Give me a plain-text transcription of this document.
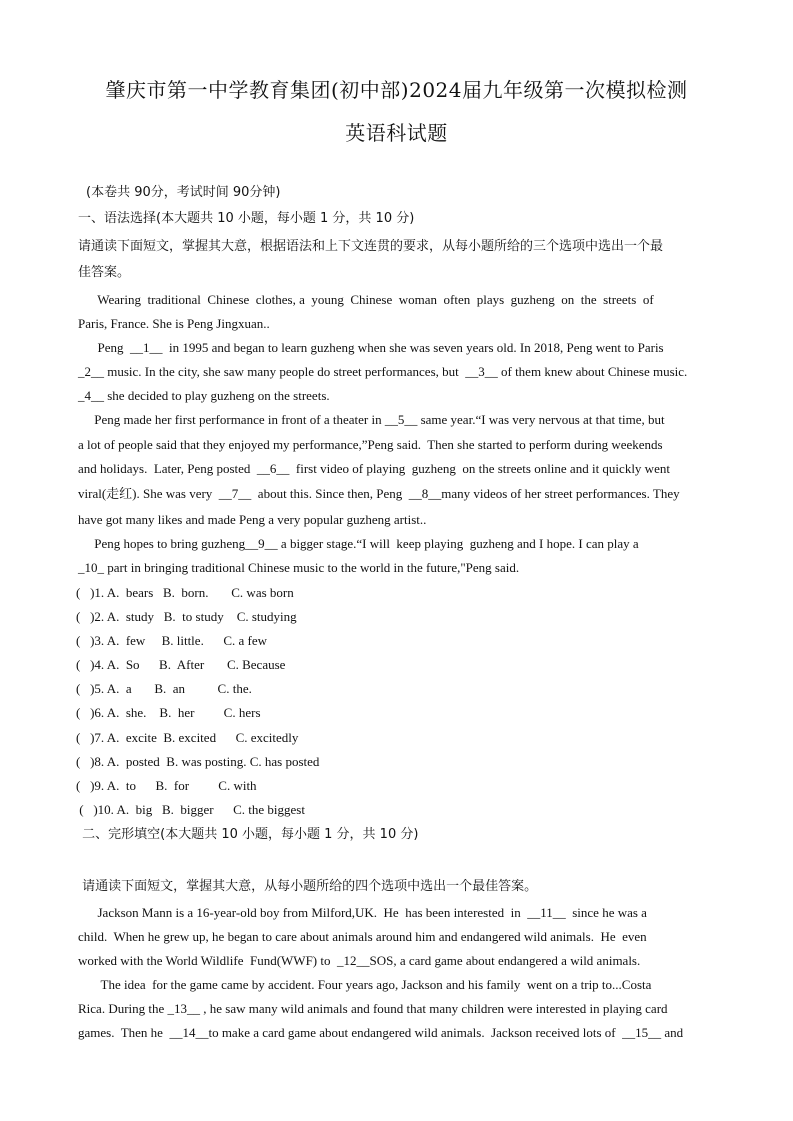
肇庆市第一中学教育集团(初中部)2024届九年级第一次模拟检测
英语科试题
(本卷共 90分，考试时间 90分钟)
一、语法选择(本大题共 10 小题，每小题 1 分，共 10 分)
请通读下面短文，掌握其大意，根据语法和上下文连贯的要求，从每小题所给的三个选项中选出一个最
佳答案。
Wearing  traditional  Chinese  clothes, a  young  Chinese  woman  often  plays  guzheng  on  the  streets  of
Paris, France. She is Peng Jingxuan..
Peng  __1__  in 1995 and began to learn guzheng when she was seven years old. In 2018, Peng went to Paris
_2__ music. In the city, she saw many people do street performances, but  __3__ of them knew about Chinese music.
_4__ she decided to play guzheng on the streets.
Peng made her first performance in front of a theater in __5__ same year.“I was very nervous at that time, but
a lot of people said that they enjoyed my performance,”Peng said.  Then she started to perform during weekends
and holidays.  Later, Peng posted  __6__  first video of playing  guzheng  on the streets online and it quickly went
viral(走红). She was very  __7__  about this. Since then, Peng  __8__many videos of her street performances. They
have got many likes and made Peng a very popular guzheng artist..
Peng hopes to bring guzheng__9__ a bigger stage.“I will  keep playing  guzheng and I hope. I can play a
_10_ part in bringing traditional Chinese music to the world in the future,"Peng said.
(   )1. A.  bears   B.  born.       C. was born
(   )2. A.  study   B.  to study    C. studying
(   )3. A.  few     B. little.      C. a few
(   )4. A.  So      B.  After       C. Because
(   )5. A.  a       B.  an          C. the.
(   )6. A.  she.    B.  her         C. hers
(   )7. A.  excite  B. excited      C. excitedly
(   )8. A.  posted  B. was posting. C. has posted
(   )9. A.  to      B.  for         C. with
(   )10. A.  big   B.  bigger      C. the biggest
二、完形填空(本大题共 10 小题，每小题 1 分，共 10 分)
请通读下面短文，掌握其大意，从每小题所给的四个选项中选出一个最佳答案。
Jackson Mann is a 16-year-old boy from Milford,UK.  He  has been interested  in  __11__  since he was a
child.  When he grew up, he began to care about animals around him and endangered wild animals.  He  even
worked with the World Wildlife  Fund(WWF) to  _12__SOS, a card game about endangered a wild animals.
The idea  for the game came by accident. Four years ago, Jackson and his family  went on a trip to...Costa
Rica. During the _13__ , he saw many wild animals and found that many children were interested in playing card
games.  Then he  __14__to make a card game about endangered wild animals.  Jackson received lots of  __15__ and
